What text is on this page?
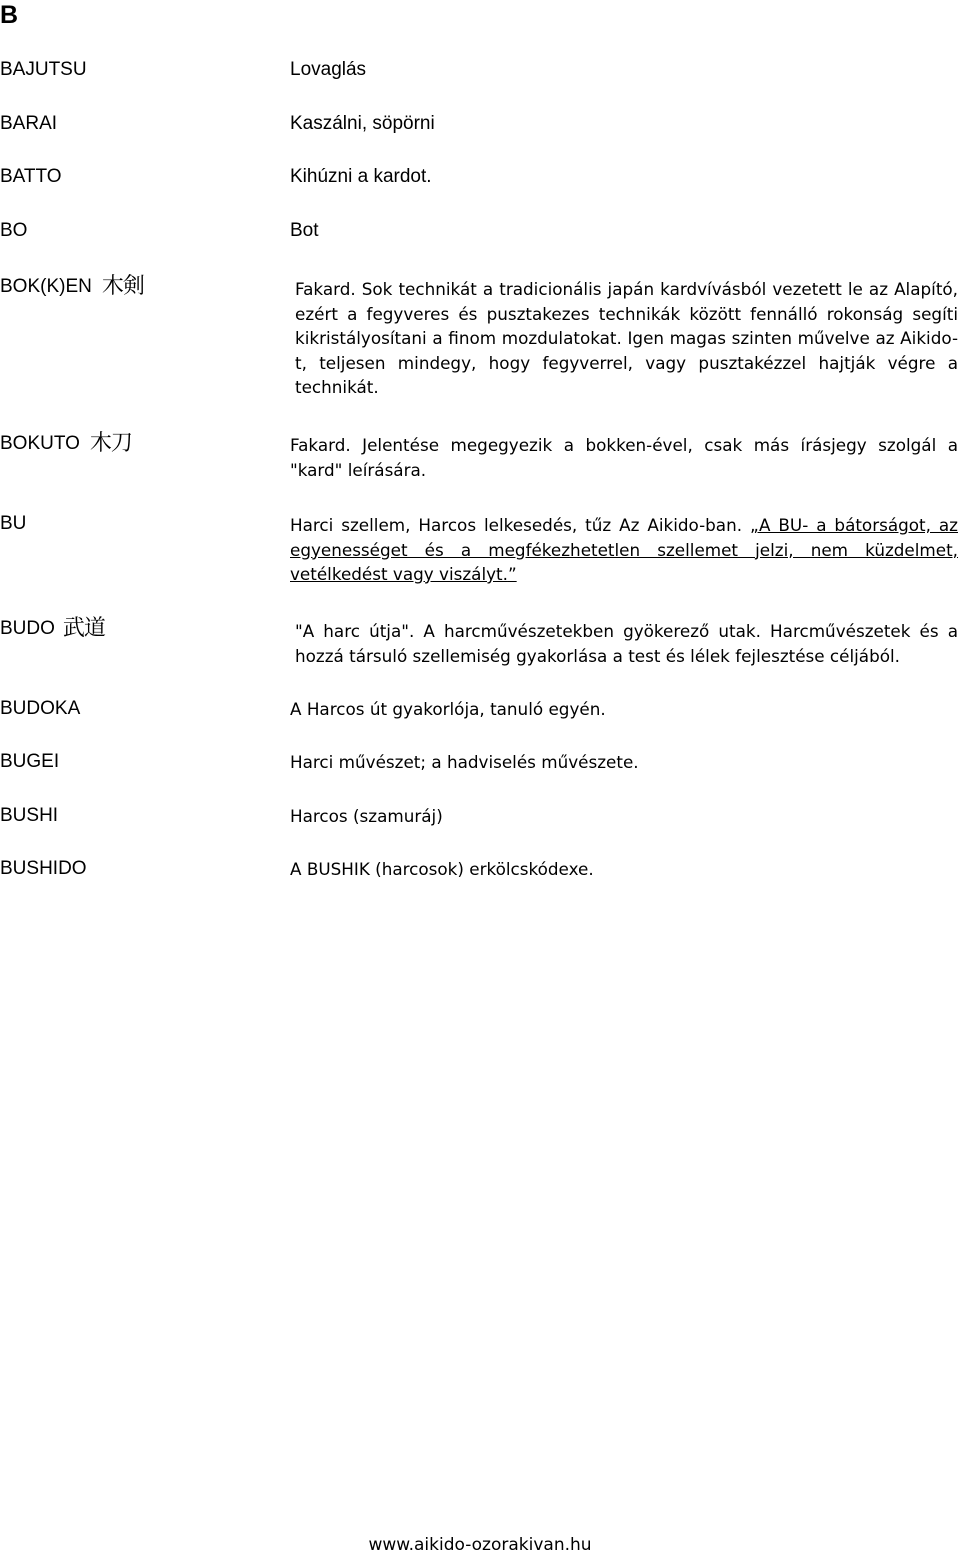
B
BAJUTSU	Lovaglás
BARAI	Kaszálni, söpörni
BATTO	Kihúzni a kardot.
BO	Bot
BOK(K)EN 木剣	Fakard. Sok technikát a tradicionális japán kardvívásból vezetett le az Alapító, ezért a fegyveres és pusztakezes technikák között fennálló rokonság segíti kikristályosítani a finom mozdulatokat. Igen magas szinten művelve az Aikido-t, teljesen mindegy, hogy fegyverrel, vagy pusztakézzel hajtják végre a technikát.
BOKUTO 木刀	Fakard. Jelentése megegyezik a bokken-ével, csak más írásjegy szolgál a "kard" leírására.
BU	Harci szellem, Harcos lelkesedés, tűz Az Aikido-ban. „A BU- a bátorságot, az egyenességet és a megfékezhetetlen szellemet jelzi, nem küzdelmet, vetélkedést vagy viszályt.”
BUDO 武道	"A harc útja". A harcművészetekben gyökerező utak. Harcművészetek és a hozzá társuló szellemiség gyakorlása a test és lélek fejlesztése céljából.
BUDOKA	A Harcos út gyakorlója, tanuló egyén.
BUGEI	Harci művészet; a hadviselés művészete.
BUSHI	Harcos (szamuráj)
BUSHIDO	A BUSHIK (harcosok) erkölcskódexe.
www.aikido-ozorakivan.hu
